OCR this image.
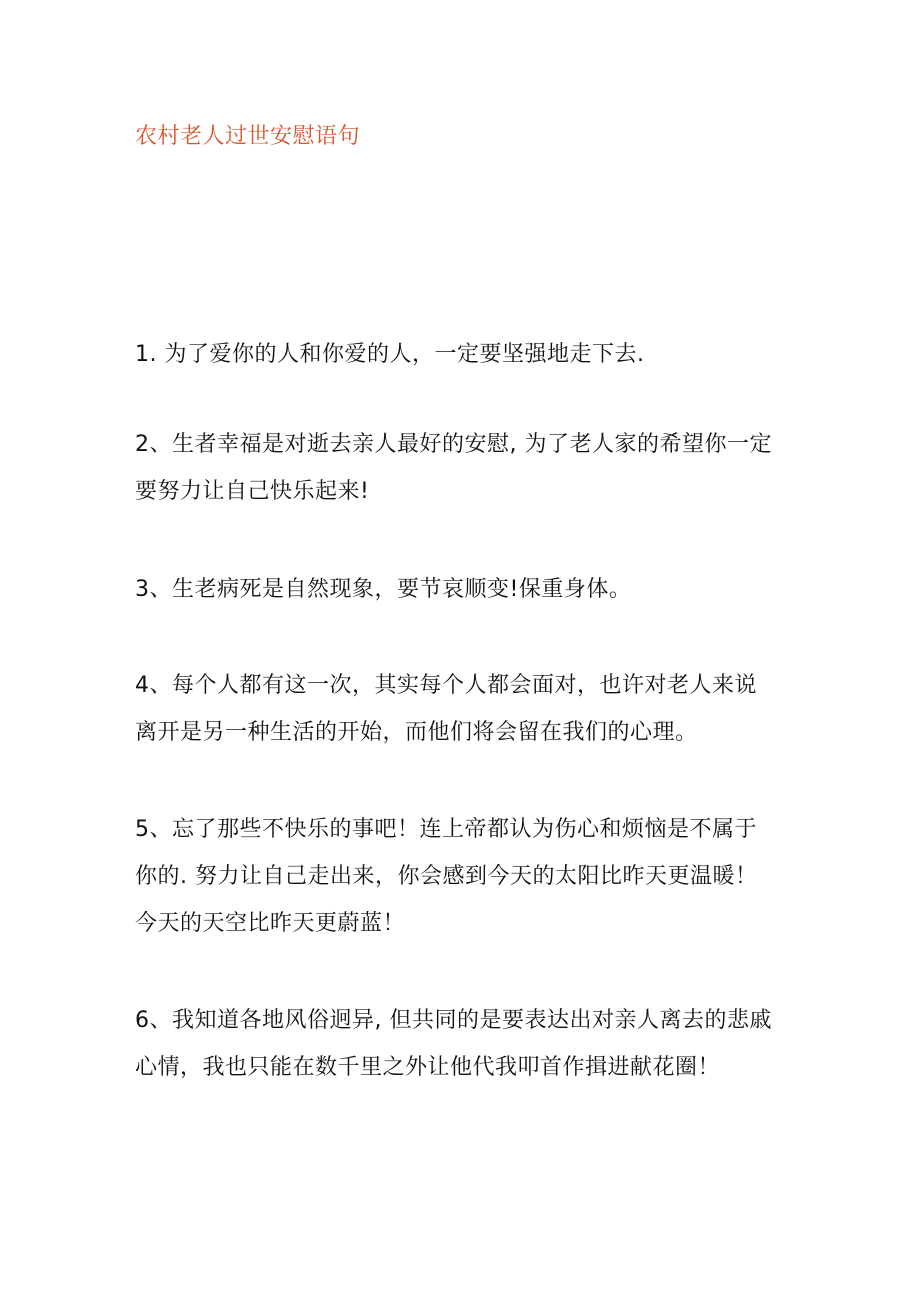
农村老人过世安慰语句
1. 为了爱你的人和你爱的人，一定要坚强地走下去.
2、生者幸福是对逝去亲人最好的安慰, 为了老人家的希望你一定
要努力让自己快乐起来!
3、生老病死是自然现象，要节哀顺变!保重身体。
4、每个人都有这一次，其实每个人都会面对，也许对老人来说
离开是另一种生活的开始，而他们将会留在我们的心理。
5、忘了那些不快乐的事吧！连上帝都认为伤心和烦恼是不属于
你的. 努力让自己走出来，你会感到今天的太阳比昨天更温暖！
今天的天空比昨天更蔚蓝！
6、我知道各地风俗迥异, 但共同的是要表达出对亲人离去的悲戚
心情，我也只能在数千里之外让他代我叩首作揖进献花圈！
